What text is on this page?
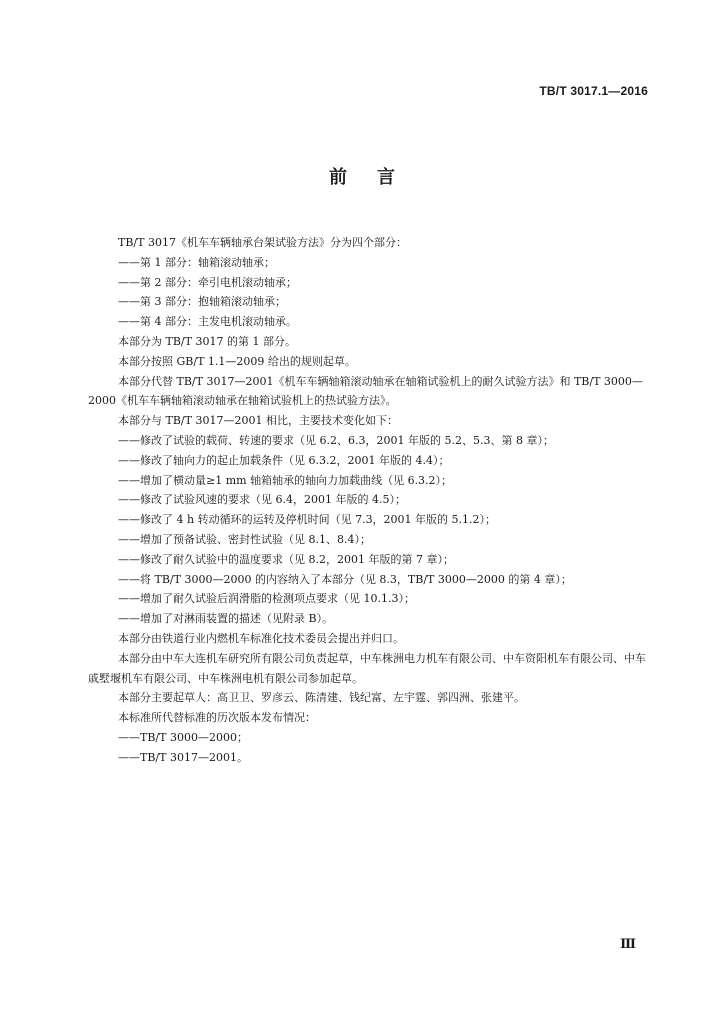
TB/T 3017.1—2016
前言

TB/T 3017《机车车辆轴承台架试验方法》分为四个部分：

——第 1 部分：轴箱滚动轴承；

——第 2 部分：牵引电机滚动轴承；

——第 3 部分：抱轴箱滚动轴承；

——第 4 部分：主发电机滚动轴承。

本部分为 TB/T 3017 的第 1 部分。

本部分按照 GB/T 1.1—2009 给出的规则起草。

本部分代替 TB/T 3017—2001《机车车辆轴箱滚动轴承在轴箱试验机上的耐久试验方法》和 TB/T 3000—2000《机车车辆轴箱滚动轴承在轴箱试验机上的热试验方法》。

本部分与 TB/T 3017—2001 相比，主要技术变化如下：

——修改了试验的载荷、转速的要求（见 6.2、6.3，2001 年版的 5.2、5.3、第 8 章）；

——修改了轴向力的起止加载条件（见 6.3.2，2001 年版的 4.4）；

——增加了横动量≥1 mm 轴箱轴承的轴向力加载曲线（见 6.3.2）；

——修改了试验风速的要求（见 6.4，2001 年版的 4.5）；

——修改了 4 h 转动循环的运转及停机时间（见 7.3，2001 年版的 5.1.2）；

——增加了预备试验、密封性试验（见 8.1、8.4）；

——修改了耐久试验中的温度要求（见 8.2，2001 年版的第 7 章）；

——将 TB/T 3000—2000 的内容纳入了本部分（见 8.3，TB/T 3000—2000 的第 4 章）；

——增加了耐久试验后润滑脂的检测项点要求（见 10.1.3）；

——增加了对淋雨装置的描述（见附录 B）。

本部分由铁道行业内燃机车标准化技术委员会提出并归口。

本部分由中车大连机车研究所有限公司负责起草，中车株洲电力机车有限公司、中车资阳机车有限公司、中车戚墅堰机车有限公司、中车株洲电机有限公司参加起草。

本部分主要起草人：高卫卫、罗彦云、陈清建、钱纪富、左宇霆、郭四洲、张建平。

本标准所代替标准的历次版本发布情况：

——TB/T 3000—2000；

——TB/T 3017—2001。

Ⅲ
